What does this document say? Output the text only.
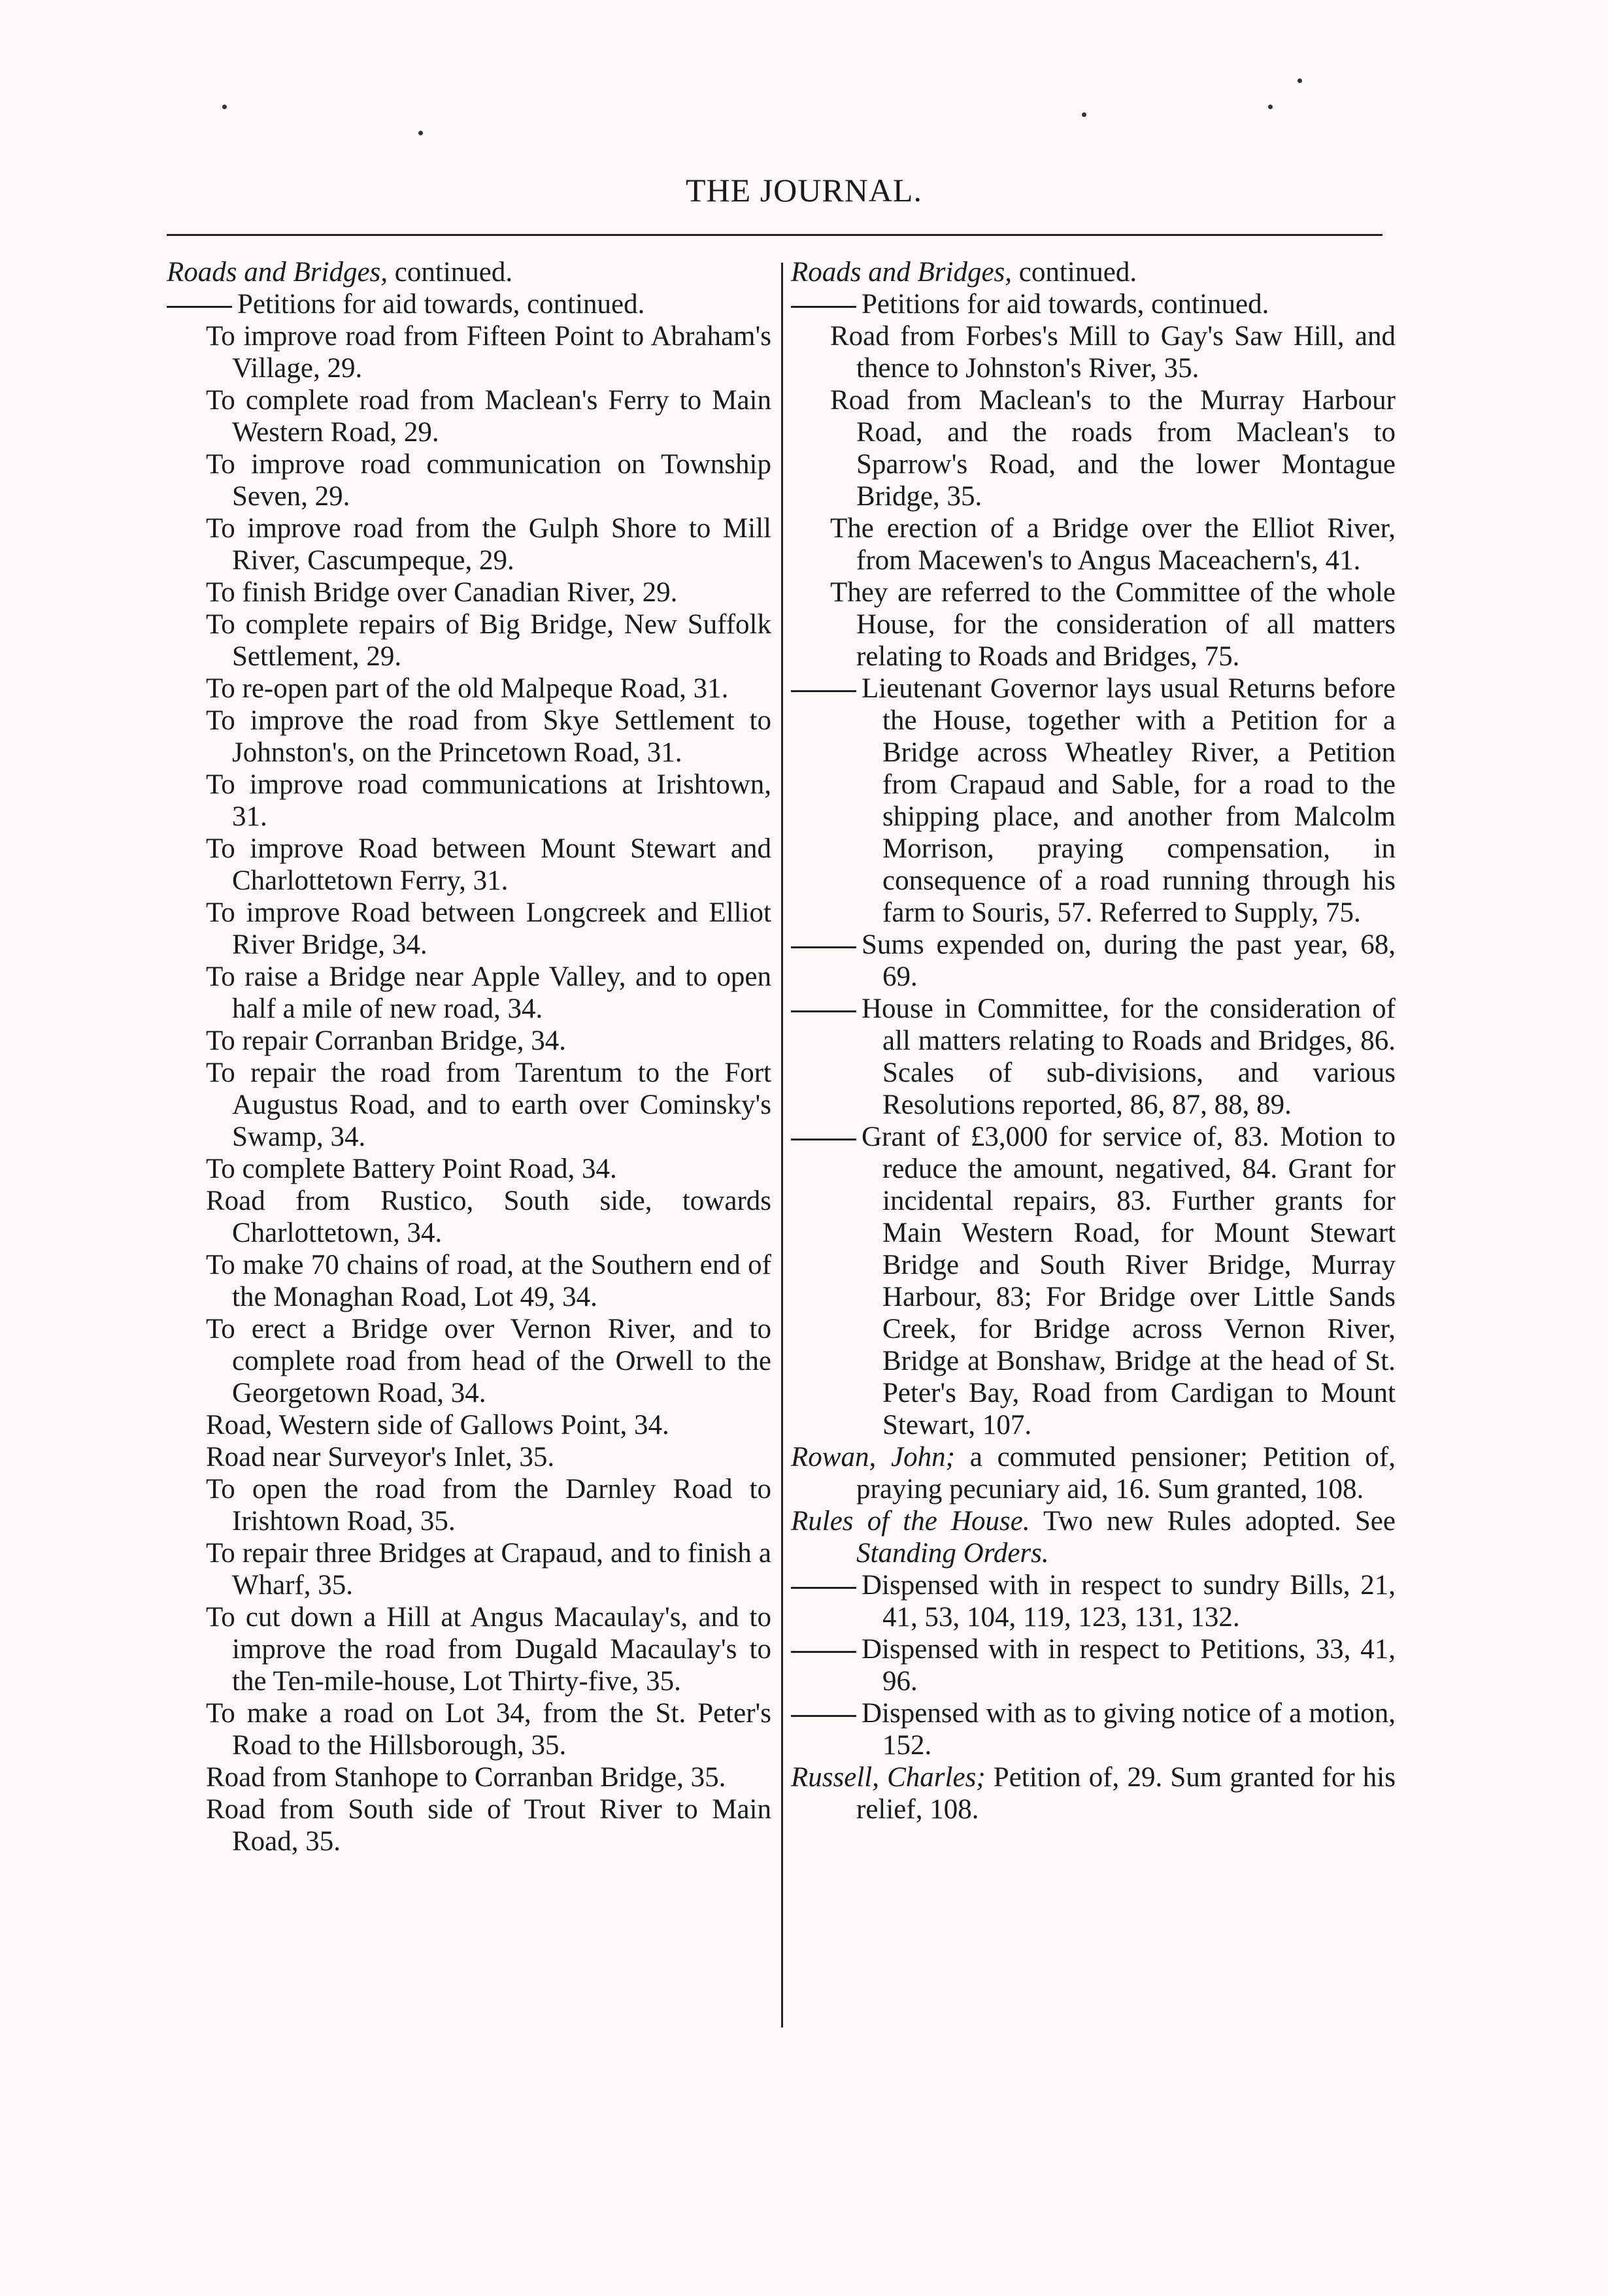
THE JOURNAL.

Roads and Bridges, continued.

Petitions for aid towards, continued.

To improve road from Fifteen Point to Abraham's Village, 29.

To complete road from Maclean's Ferry to Main Western Road, 29.

To improve road communication on Township Seven, 29.

To improve road from the Gulph Shore to Mill River, Cascumpeque, 29.

To finish Bridge over Canadian River, 29.

To complete repairs of Big Bridge, New Suffolk Settlement, 29.

To re-open part of the old Malpeque Road, 31.

To improve the road from Skye Settlement to Johnston's, on the Princetown Road, 31.

To improve road communications at Irishtown, 31.

To improve Road between Mount Stewart and Charlottetown Ferry, 31.

To improve Road between Longcreek and Elliot River Bridge, 34.

To raise a Bridge near Apple Valley, and to open half a mile of new road, 34.

To repair Corranban Bridge, 34.

To repair the road from Tarentum to the Fort Augustus Road, and to earth over Cominsky's Swamp, 34.

To complete Battery Point Road, 34.

Road from Rustico, South side, towards Charlottetown, 34.

To make 70 chains of road, at the Southern end of the Monaghan Road, Lot 49, 34.

To erect a Bridge over Vernon River, and to complete road from head of the Orwell to the Georgetown Road, 34.

Road, Western side of Gallows Point, 34.

Road near Surveyor's Inlet, 35.

To open the road from the Darnley Road to Irishtown Road, 35.

To repair three Bridges at Crapaud, and to finish a Wharf, 35.

To cut down a Hill at Angus Macaulay's, and to improve the road from Dugald Macaulay's to the Ten-mile-house, Lot Thirty-five, 35.

To make a road on Lot 34, from the St. Peter's Road to the Hillsborough, 35.

Road from Stanhope to Corranban Bridge, 35.

Road from South side of Trout River to Main Road, 35.

Roads and Bridges, continued.

Petitions for aid towards, continued.

Road from Forbes's Mill to Gay's Saw Hill, and thence to Johnston's River, 35.

Road from Maclean's to the Murray Harbour Road, and the roads from Maclean's to Sparrow's Road, and the lower Montague Bridge, 35.

The erection of a Bridge over the Elliot River, from Macewen's to Angus Maceachern's, 41.

They are referred to the Committee of the whole House, for the consideration of all matters relating to Roads and Bridges, 75.

Lieutenant Governor lays usual Returns before the House, together with a Petition for a Bridge across Wheatley River, a Petition from Crapaud and Sable, for a road to the shipping place, and another from Malcolm Morrison, praying compensation, in consequence of a road running through his farm to Souris, 57. Referred to Supply, 75.

Sums expended on, during the past year, 68, 69.

House in Committee, for the consideration of all matters relating to Roads and Bridges, 86. Scales of sub-divisions, and various Resolutions reported, 86, 87, 88, 89.

Grant of £3,000 for service of, 83. Motion to reduce the amount, negatived, 84. Grant for incidental repairs, 83. Further grants for Main Western Road, for Mount Stewart Bridge and South River Bridge, Murray Harbour, 83; For Bridge over Little Sands Creek, for Bridge across Vernon River, Bridge at Bonshaw, Bridge at the head of St. Peter's Bay, Road from Cardigan to Mount Stewart, 107.

Rowan, John; a commuted pensioner; Petition of, praying pecuniary aid, 16. Sum granted, 108.

Rules of the House. Two new Rules adopted. See Standing Orders.

Dispensed with in respect to sundry Bills, 21, 41, 53, 104, 119, 123, 131, 132.

Dispensed with in respect to Petitions, 33, 41, 96.

Dispensed with as to giving notice of a motion, 152.

Russell, Charles; Petition of, 29. Sum granted for his relief, 108.
